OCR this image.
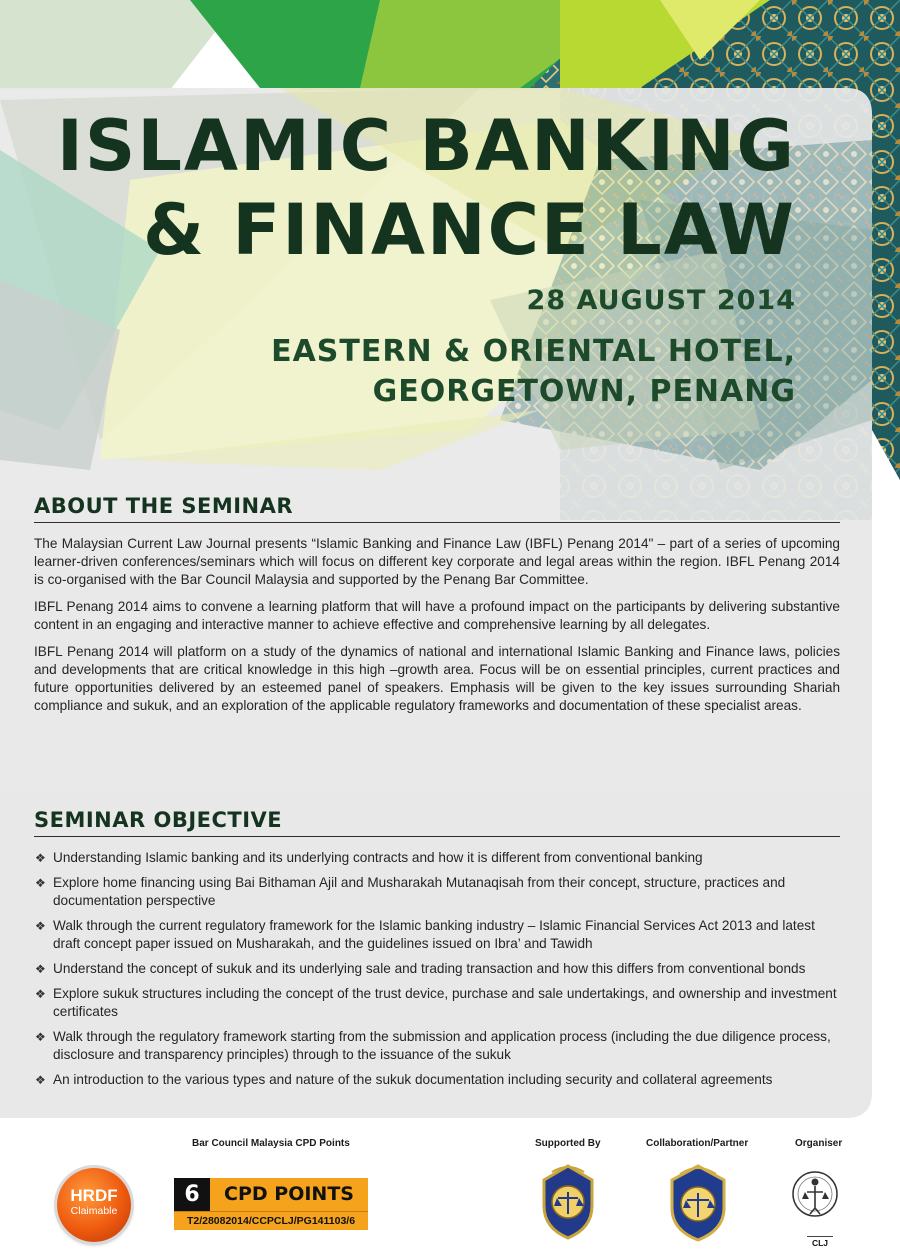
ISLAMIC BANKING
& FINANCE LAW
28 AUGUST 2014
EASTERN & ORIENTAL HOTEL,
GEORGETOWN, PENANG
ABOUT THE SEMINAR

The Malaysian Current Law Journal presents “Islamic Banking and Finance Law (IBFL) Penang 2014" – part of a series of upcoming learner-driven conferences/seminars which will focus on different key corporate and legal areas within the region. IBFL Penang 2014 is co-organised with the Bar Council Malaysia and supported by the Penang Bar Committee.

IBFL Penang 2014 aims to convene a learning platform that will have a profound impact on the participants by delivering substantive content in an engaging and interactive manner to achieve effective and comprehensive learning by all delegates.

IBFL Penang 2014 will platform on a study of the dynamics of national and international Islamic Banking and Finance laws, policies and developments that are critical knowledge in this high –growth area. Focus will be on essential principles, current practices and future opportunities delivered by an esteemed panel of speakers. Emphasis will be given to the key issues surrounding Shariah compliance and sukuk, and an exploration of the applicable regulatory frameworks and documentation of these specialist areas.

SEMINAR OBJECTIVE
❖ Understanding Islamic banking and its underlying contracts and how it is different from conventional banking
❖ Explore home financing using Bai Bithaman Ajil and Musharakah Mutanaqisah from their concept, structure, practices and documentation perspective
❖ Walk through the current regulatory framework for the Islamic banking industry – Islamic Financial Services Act 2013 and latest draft concept paper issued on Musharakah, and the guidelines issued on Ibra’ and Tawidh
❖ Understand the concept of sukuk and its underlying sale and trading transaction and how this differs from conventional bonds
❖ Explore sukuk structures including the concept of the trust device, purchase and sale undertakings, and ownership and investment certificates
❖ Walk through the regulatory framework starting from the submission and application process (including the due diligence process, disclosure and transparency principles) through to the issuance of the sukuk
❖ An introduction to the various types and nature of the sukuk documentation including security and collateral agreements
Bar Council Malaysia CPD Points	Supported By	Collaboration/Partner	Organiser
HRDF
Claimable
6	CPD POINTS
T2/28082014/CCPCLJ/PG141103/6
CLJ
